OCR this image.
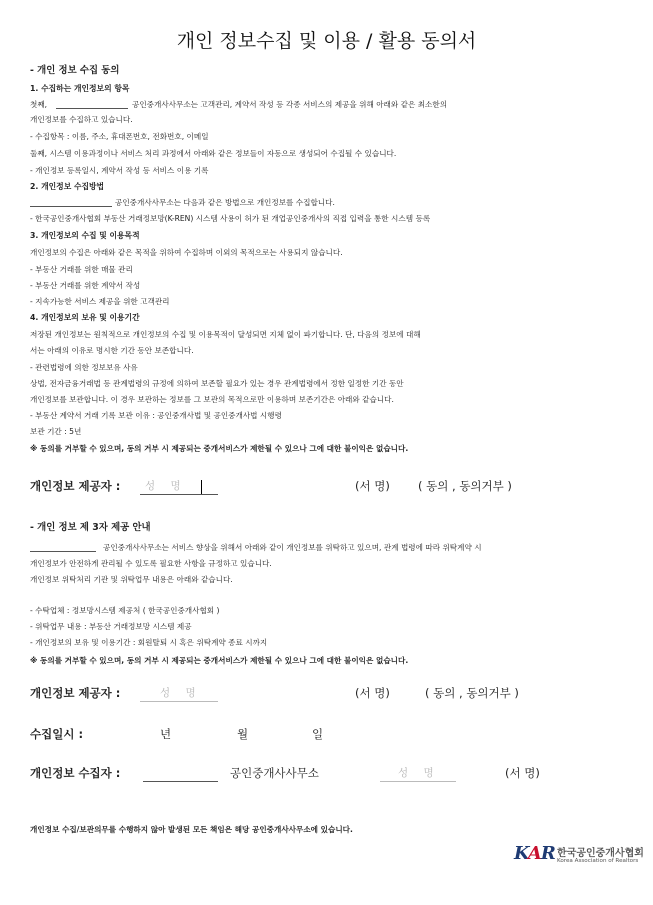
개인 정보수집 및 이용 / 활용 동의서
- 개인 정보 수집 동의
1. 수집하는 개인정보의 항목
첫째,	공인중개사사무소는 고객관리, 계약서 작성 등 각종 서비스의 제공을 위해 아래와 같은 최소한의
개인정보를 수집하고 있습니다.
- 수집항목 : 이름, 주소, 휴대폰번호, 전화번호, 이메일
둘째, 시스템 이용과정이나 서비스 처리 과정에서 아래와 같은 정보들이 자동으로 생성되어 수집될 수 있습니다.
- 개인정보 등록일시, 계약서 작성 등 서비스 이용 기록
2. 개인정보 수집방법
공인중개사사무소는 다음과 같은 방법으로 개인정보를 수집합니다.
- 한국공인중개사협회 부동산 거래정보망(K-REN) 시스템 사용이 허가 된 개업공인중개사의 직접 입력을 통한 시스템 등록
3. 개인정보의 수집 및 이용목적
개인정보의 수집은 아래와 같은 목적을 위하여 수집하며 이외의 목적으로는 사용되지 않습니다.
- 부동산 거래를 위한 매물 관리
- 부동산 거래를 위한 계약서 작성
- 지속가능한 서비스 제공을 위한 고객관리
4. 개인정보의 보유 및 이용기간
저장된 개인정보는 원칙적으로 개인정보의 수집 및 이용목적이 달성되면 지체 없이 파기합니다. 단, 다음의 정보에 대해
서는 아래의 이유로 명시한 기간 동안 보존합니다.
- 관련법령에 의한 정보보유 사유
상법, 전자금융거래법 등 관계법령의 규정에 의하여 보존할 필요가 있는 경우 관계법령에서 정한 일정한 기간 동안
개인정보를 보관합니다. 이 경우 보관하는 정보를 그 보관의 목적으로만 이용하며 보존기간은 아래와 같습니다.
- 부동산 계약서 거래 기록 보관 이유 : 공인중개사법 및 공인중개사법 시행령
보관 기간 : 5년
※ 동의를 거부할 수 있으며, 동의 거부 시 제공되는 중개서비스가 제한될 수 있으나 그에 대한 불이익은 없습니다.
개인정보 제공자 : 성 명	(서 명) ( 동의 , 동의거부 )
- 개인 정보 제 3자 제공 안내
공인중개사사무소는 서비스 향상을 위해서 아래와 같이 개인정보를 위탁하고 있으며, 관계 법령에 따라 위탁계약 시
개인정보가 안전하게 관리될 수 있도록 필요한 사항을 규정하고 있습니다.
개인정보 위탁처리 기관 및 위탁업무 내용은 아래와 같습니다.
- 수탁업체 : 정보망시스템 제공처 ( 한국공인중개사협회 )
- 위탁업무 내용 : 부동산 거래정보망 시스템 제공
- 개인정보의 보유 및 이용기간 : 회원탈퇴 시 혹은 위탁계약 종료 시까지
※ 동의를 거부할 수 있으며, 동의 거부 시 제공되는 중개서비스가 제한될 수 있으나 그에 대한 불이익은 없습니다.
개인정보 제공자 :	성 명	(서 명)	( 동의 , 동의거부 )
수집일시 :	년	월	일
개인정보 수집자 :	공인중개사사무소	성 명	(서 명)
개인정보 수집/보관의무를 수행하지 않아 발생된 모든 책임은 해당 공인중개사사무소에 있습니다.
KAR 한국공인중개사협회
Korea Association of Realtors
